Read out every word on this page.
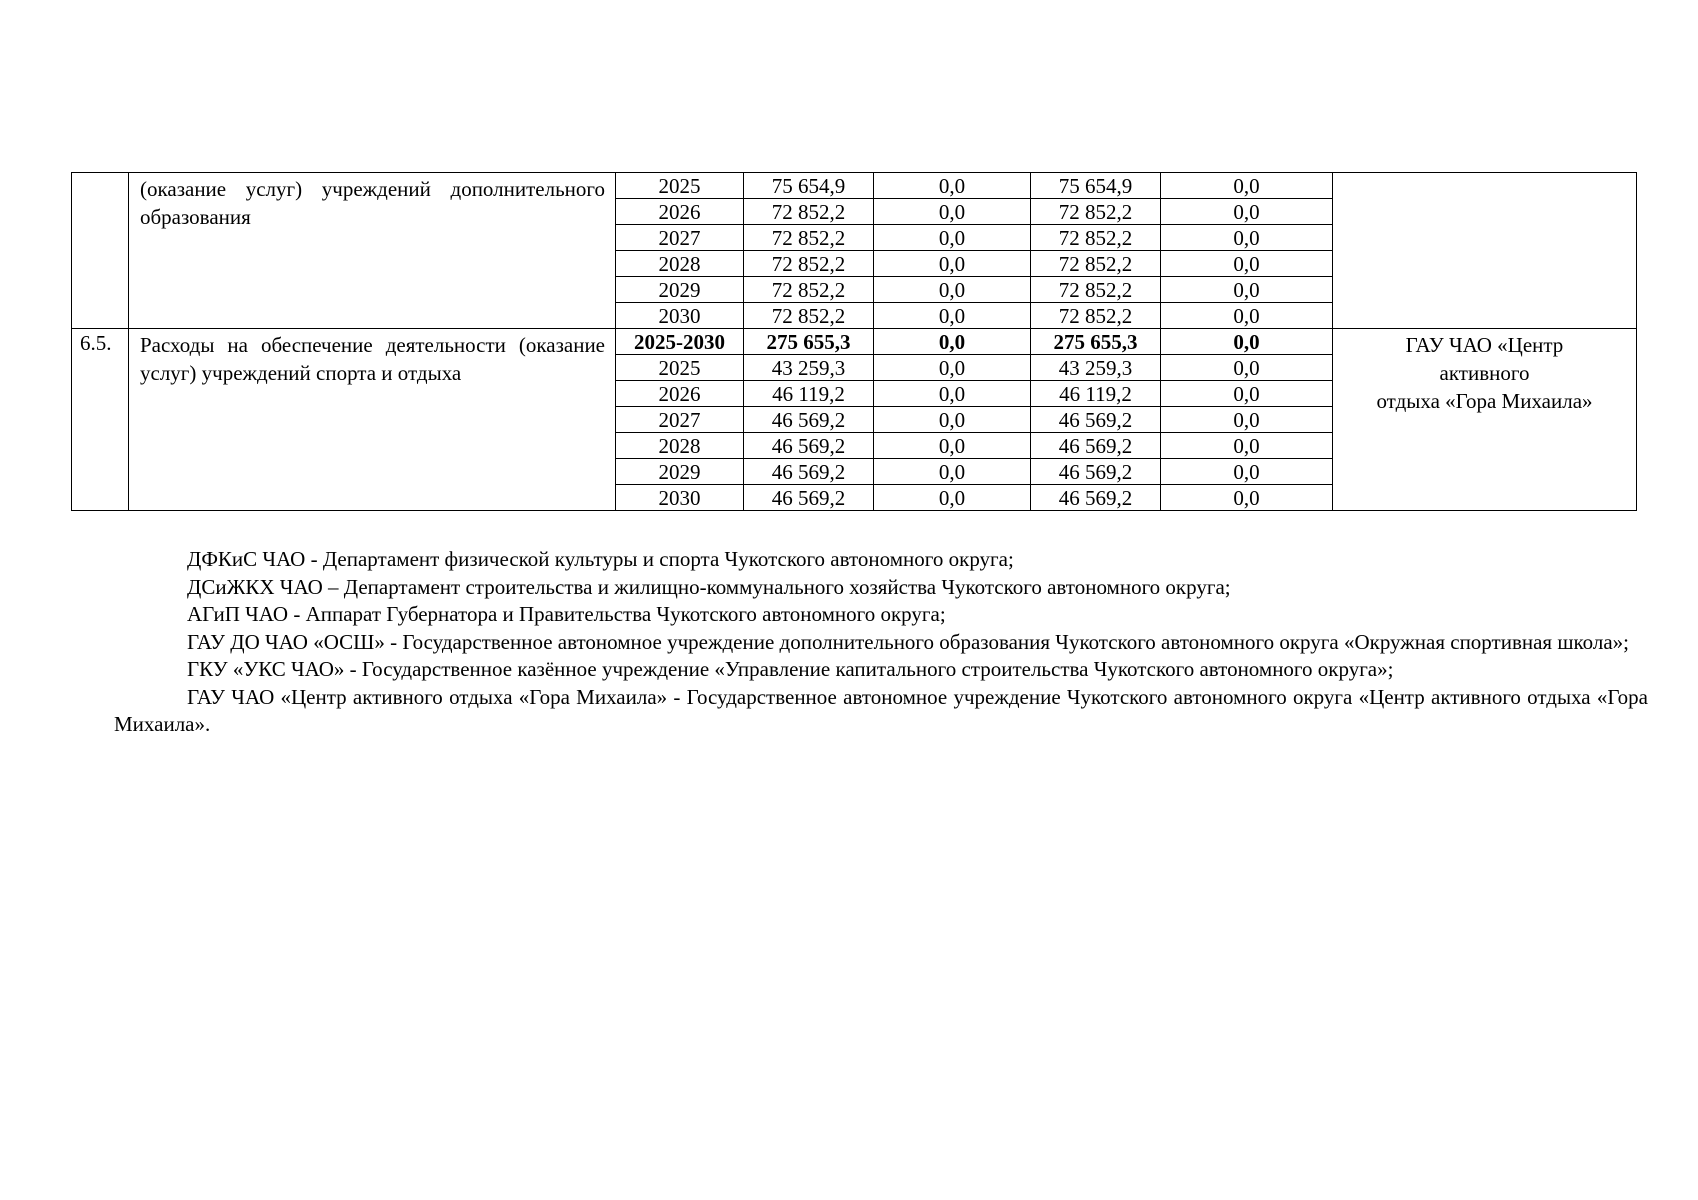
	(оказание услуг) учреждений дополнительного образования	2025	75 654,9	0,0	75 654,9	0,0	
		2026	72 852,2	0,0	72 852,2	0,0	
		2027	72 852,2	0,0	72 852,2	0,0	
		2028	72 852,2	0,0	72 852,2	0,0	
		2029	72 852,2	0,0	72 852,2	0,0	
		2030	72 852,2	0,0	72 852,2	0,0	
6.5.	Расходы на обеспечение деятельности (оказание услуг) учреждений спорта и отдыха	2025-2030	275 655,3	0,0	275 655,3	0,0	ГАУ ЧАО «Центр
активного
отдыха «Гора Михаила»
		2025	43 259,3	0,0	43 259,3	0,0	
		2026	46 119,2	0,0	46 119,2	0,0	
		2027	46 569,2	0,0	46 569,2	0,0	
		2028	46 569,2	0,0	46 569,2	0,0	
		2029	46 569,2	0,0	46 569,2	0,0	
		2030	46 569,2	0,0	46 569,2	0,0	

ДФКиС ЧАО - Департамент физической культуры и спорта Чукотского автономного округа;

ДСиЖКХ ЧАО – Департамент строительства и жилищно-коммунального хозяйства Чукотского автономного округа;

АГиП ЧАО - Аппарат Губернатора и Правительства Чукотского автономного округа;

ГАУ ДО ЧАО «ОСШ» - Государственное автономное учреждение дополнительного образования Чукотского автономного округа «Окружная спортивная школа»;

ГКУ «УКС ЧАО» - Государственное казённое учреждение «Управление капитального строительства Чукотского автономного округа»;

ГАУ ЧАО «Центр активного отдыха «Гора Михаила» - Государственное автономное учреждение Чукотского автономного округа «Центр активного отдыха «Гора Михаила».
